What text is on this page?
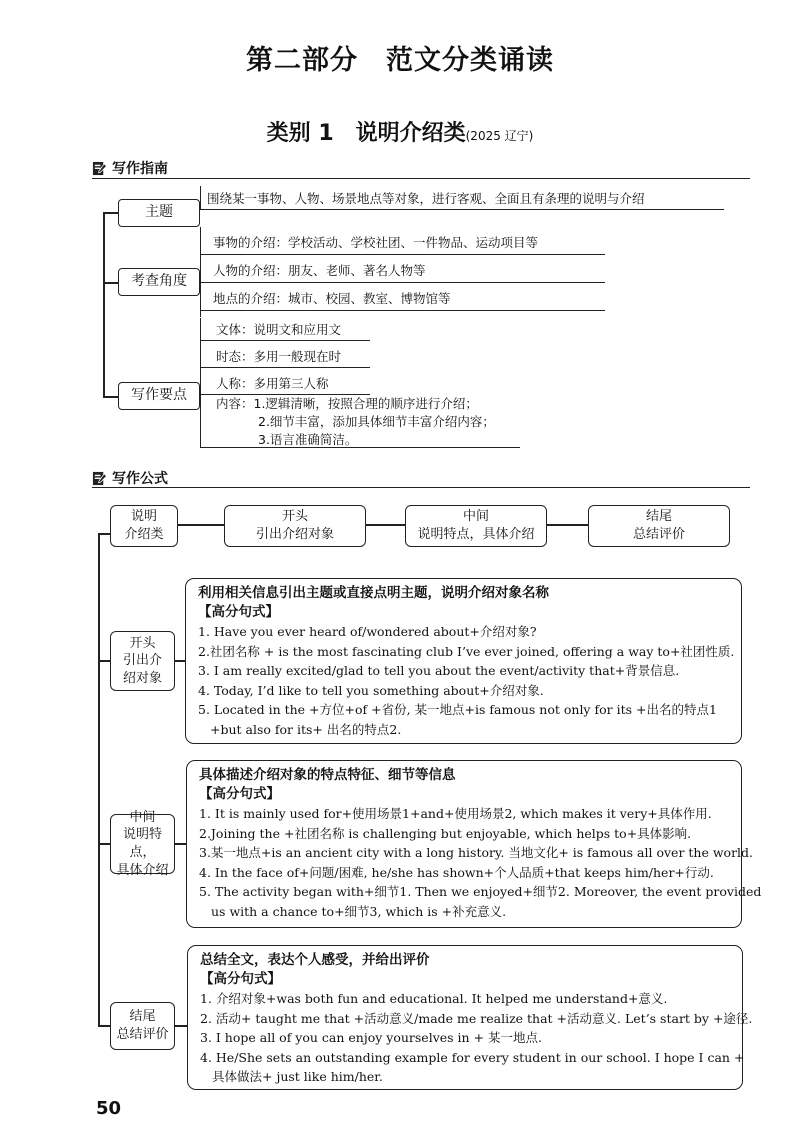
第二部分　范文分类诵读
类别 1　说明介绍类(2025 辽宁)
写作指南
主题
围绕某一事物、人物、场景地点等对象，进行客观、全面且有条理的说明与介绍
考查角度
事物的介绍：学校活动、学校社团、一件物品、运动项目等
人物的介绍：朋友、老师、著名人物等
地点的介绍：城市、校园、教室、博物馆等
写作要点
文体：说明文和应用文
时态：多用一般现在时
人称：多用第三人称
内容：1.逻辑清晰，按照合理的顺序进行介绍；
2.细节丰富，添加具体细节丰富介绍内容；
3.语言准确简洁。
写作公式
说明
介绍类
开头
引出介绍对象
中间
说明特点，具体介绍
结尾
总结评价
开头
引出介
绍对象
利用相关信息引出主题或直接点明主题，说明介绍对象名称
【高分句式】
1. Have you ever heard of/wondered about+介绍对象?
2.社团名称 + is the most fascinating club I’ve ever joined, offering a way to+社团性质.
3. I am really excited/glad to tell you about the event/activity that+背景信息.
4. Today, I’d like to tell you something about+介绍对象.
5. Located in the +方位+of +省份, 某一地点+is famous not only for its +出名的特点1
+but also for its+ 出名的特点2.
中间
说明特点，
具体介绍
具体描述介绍对象的特点特征、细节等信息
【高分句式】
1. It is mainly used for+使用场景1+and+使用场景2, which makes it very+具体作用.
2.Joining the +社团名称 is challenging but enjoyable, which helps to+具体影响.
3.某一地点+is an ancient city with a long history. 当地文化+ is famous all over the world.
4. In the face of+问题/困难, he/she has shown+个人品质+that keeps him/her+行动.
5. The activity began with+细节1. Then we enjoyed+细节2. Moreover, the event provided
us with a chance to+细节3, which is +补充意义.
结尾
总结评价
总结全文，表达个人感受，并给出评价
【高分句式】
1. 介绍对象+was both fun and educational. It helped me understand+意义.
2. 活动+ taught me that +活动意义/made me realize that +活动意义. Let’s start by +途径.
3. I hope all of you can enjoy yourselves in + 某一地点.
4. He/She sets an outstanding example for every student in our school. I hope I can +
具体做法+ just like him/her.
50
